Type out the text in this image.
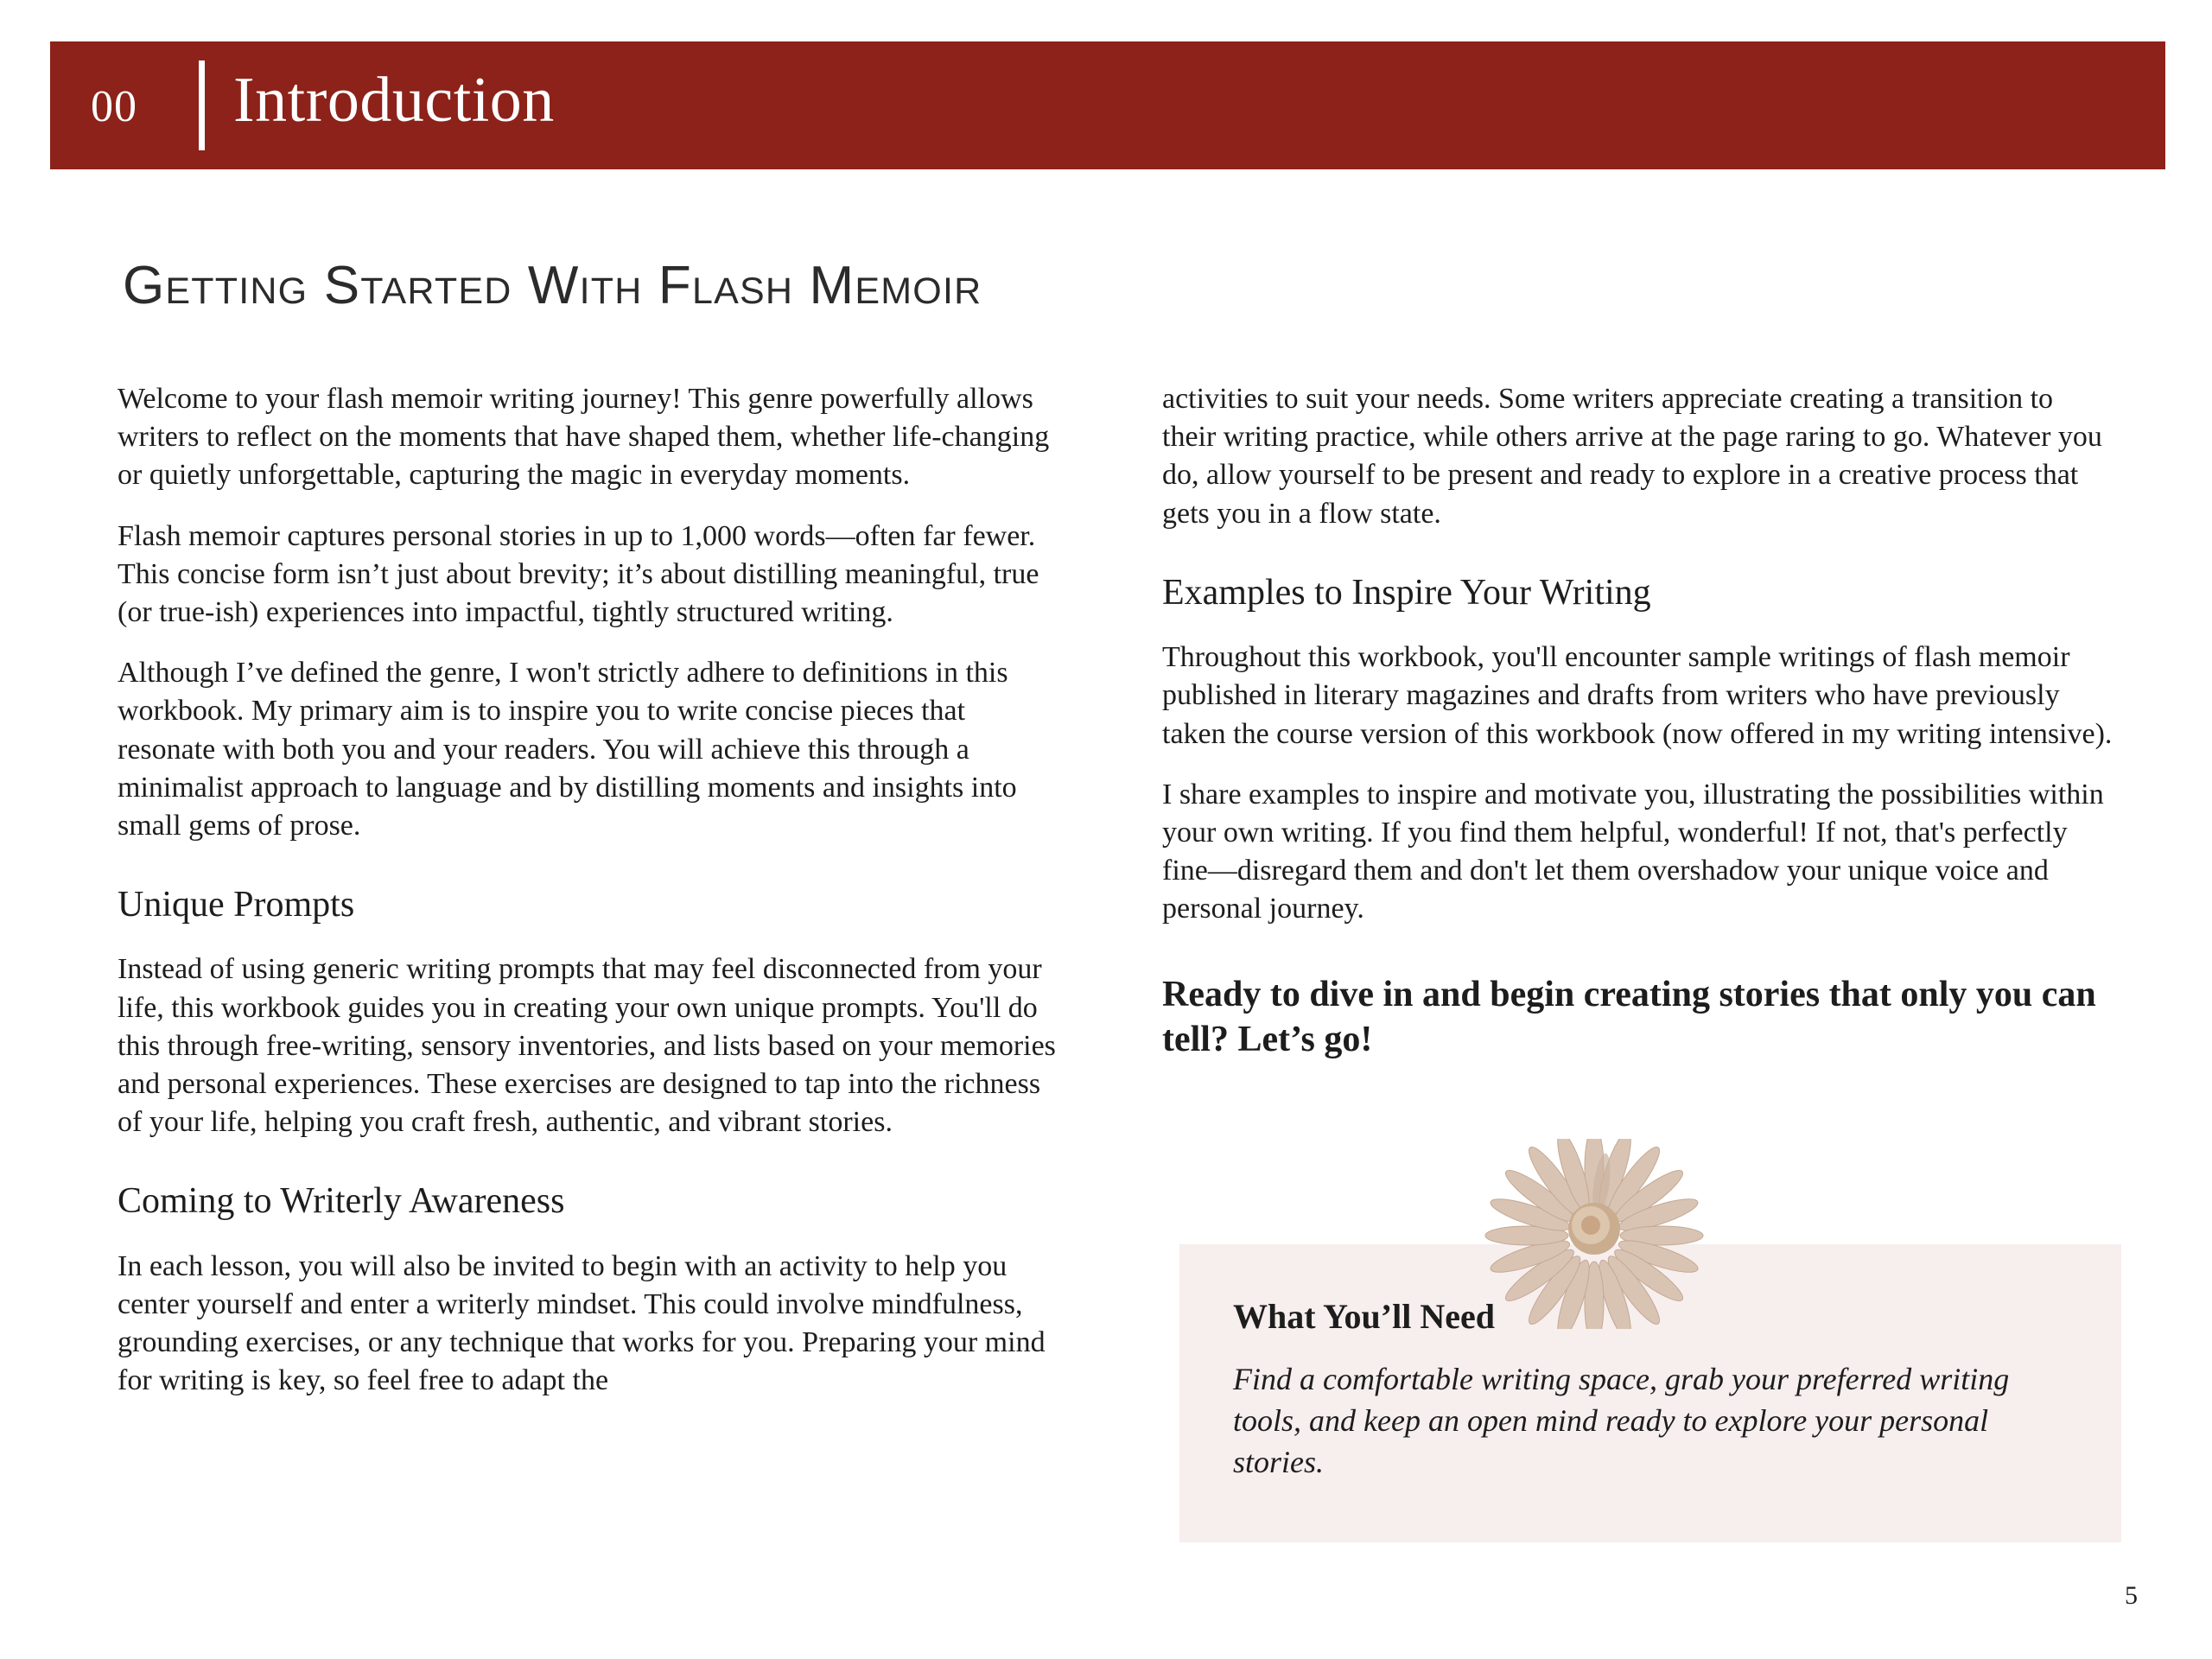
00 Introduction
Getting Started With Flash Memoir

Welcome to your flash memoir writing journey! This genre powerfully allows writers to reflect on the moments that have shaped them, whether life-changing or quietly unforgettable, capturing the magic in everyday moments.

Flash memoir captures personal stories in up to 1,000 words—often far fewer. This concise form isn’t just about brevity; it’s about distilling meaningful, true (or true-ish) experiences into impactful, tightly structured writing.

Although I’ve defined the genre, I won't strictly adhere to definitions in this workbook. My primary aim is to inspire you to write concise pieces that resonate with both you and your readers. You will achieve this through a minimalist approach to language and by distilling moments and insights into small gems of prose.

Unique Prompts

Instead of using generic writing prompts that may feel disconnected from your life, this workbook guides you in creating your own unique prompts. You'll do this through free-writing, sensory inventories, and lists based on your memories and personal experiences. These exercises are designed to tap into the richness of your life, helping you craft fresh, authentic, and vibrant stories.

Coming to Writerly Awareness

In each lesson, you will also be invited to begin with an activity to help you center yourself and enter a writerly mindset. This could involve mindfulness, grounding exercises, or any technique that works for you. Preparing your mind for writing is key, so feel free to adapt the

activities to suit your needs. Some writers appreciate creating a transition to their writing practice, while others arrive at the page raring to go. Whatever you do, allow yourself to be present and ready to explore in a creative process that gets you in a flow state.

Examples to Inspire Your Writing

Throughout this workbook, you'll encounter sample writings of flash memoir published in literary magazines and drafts from writers who have previously taken the course version of this workbook (now offered in my writing intensive).

I share examples to inspire and motivate you, illustrating the possibilities within your own writing. If you find them helpful, wonderful! If not, that's perfectly fine—disregard them and don't let them overshadow your unique voice and personal journey.

Ready to dive in and begin creating stories that only you can tell? Let’s go!

What You’ll Need

Find a comfortable writing space, grab your preferred writing tools, and keep an open mind ready to explore your personal stories.

5
